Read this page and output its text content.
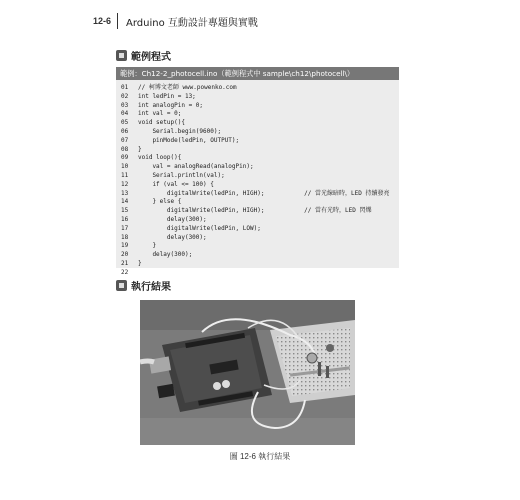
12-6 Arduino 互動設計專題與實戰
範例程式
範例：Ch12-2_photocell.ino（範例程式中 sample\ch12\photocell\）
01 // 柯博文老師 www.powenko.com
02 int ledPin = 13;
03 int analogPin = 0;
04 int val = 0;
05 void setup(){
06    Serial.begin(9600);
07    pinMode(ledPin, OUTPUT);
08 }
09 void loop(){
10    val = analogRead(analogPin);
11    Serial.println(val);
12    if (val <= 100) {
13        digitalWrite(ledPin, HIGH);           // 當光線暗時，LED 持續發亮
14    } else {
15        digitalWrite(ledPin, HIGH);           // 當有光時，LED 閃爍
16        delay(300);
17        digitalWrite(ledPin, LOW);
18        delay(300);
19    }
20    delay(300);
21 }
22
執行結果
圖 12-6 執行結果
